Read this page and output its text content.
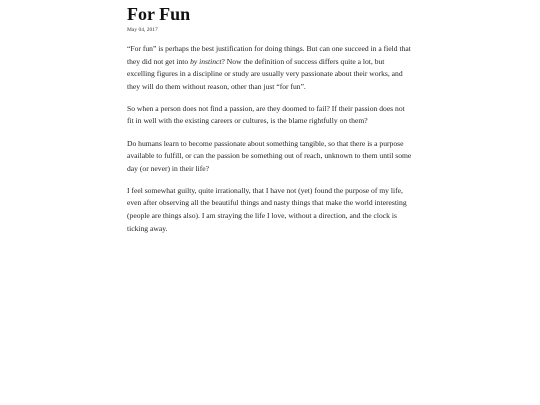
For Fun
May 04, 2017

“For fun” is perhaps the best justification for doing things. But can one succeed in a field that they did not get into by instinct? Now the definition of success differs quite a lot, but excelling figures in a discipline or study are usually very passionate about their works, and they will do them without reason, other than just “for fun”.

So when a person does not find a passion, are they doomed to fail? If their passion does not fit in well with the existing careers or cultures, is the blame rightfully on them?

Do humans learn to become passionate about something tangible, so that there is a purpose available to fulfill, or can the passion be something out of reach, unknown to them until some day (or never) in their life?

I feel somewhat guilty, quite irrationally, that I have not (yet) found the purpose of my life, even after observing all the beautiful things and nasty things that make the world interesting (people are things also). I am straying the life I love, without a direction, and the clock is ticking away.
